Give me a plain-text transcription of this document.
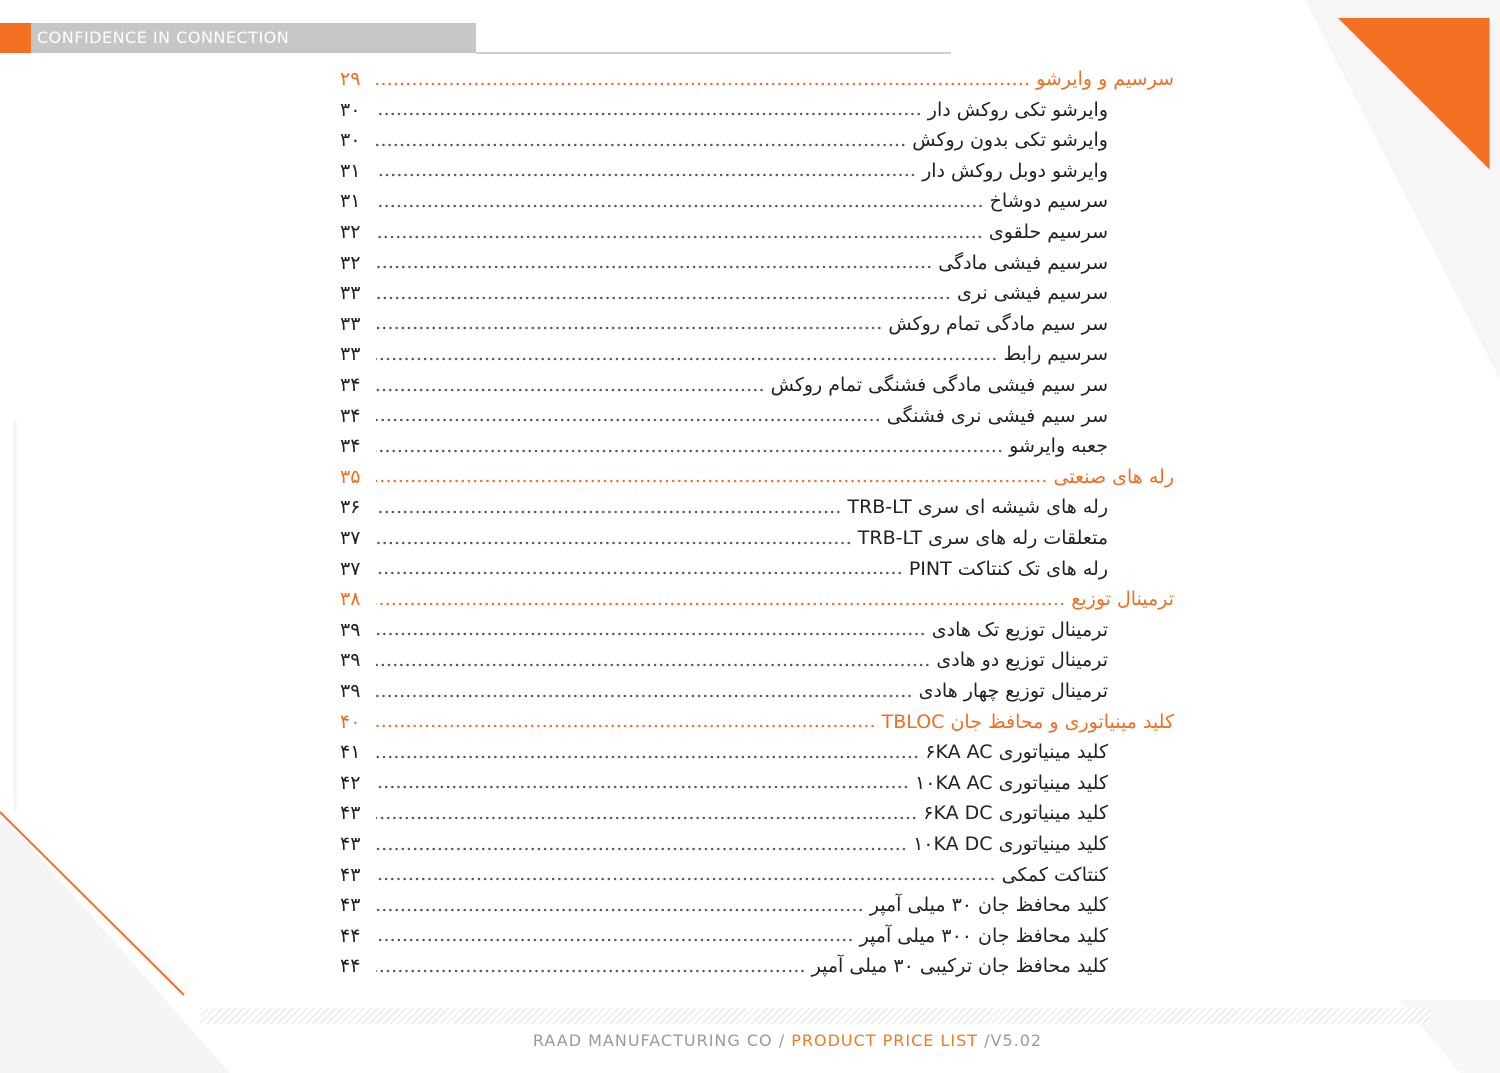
CONFIDENCE IN CONNECTION
سرسیم و وایرشو
۲۹
وایرشو تکی روکش دار
۳۰
وایرشو تکی بدون روکش
۳۰
وایرشو دوبل روکش دار
۳۱
سرسیم دوشاخ
۳۱
سرسیم حلقوی
۳۲
سرسیم فیشی مادگی
۳۲
سرسیم فیشی نری
۳۳
سر سیم مادگی تمام روکش
۳۳
سرسیم رابط
۳۳
سر سیم فیشی مادگی فشنگی تمام روکش
۳۴
سر سیم فیشی نری فشنگی
۳۴
جعبه وایرشو
۳۴
رله های صنعتی
۳۵
رله های شیشه ای سری TRB-LT
۳۶
متعلقات رله های سری TRB-LT
۳۷
رله های تک کنتاکت PINT
۳۷
ترمینال توزیع
۳۸
ترمینال توزیع تک هادی
۳۹
ترمینال توزیع دو هادی
۳۹
ترمینال توزیع چهار هادی
۳۹
کلید مینیاتوری و محافظ جان TBLOC
۴۰
کلید مینیاتوری ۶KA AC
۴۱
کلید مینیاتوری ۱۰KA AC
۴۲
کلید مینیاتوری ۶KA DC
۴۳
کلید مینیاتوری ۱۰KA DC
۴۳
کنتاکت کمکی
۴۳
کلید محافظ جان ۳۰ میلی آمپر
۴۳
کلید محافظ جان ۳۰۰ میلی آمپر
۴۴
کلید محافظ جان ترکیبی ۳۰ میلی آمپر
۴۴
RAAD MANUFACTURING CO / PRODUCT PRICE LIST /V5.02
